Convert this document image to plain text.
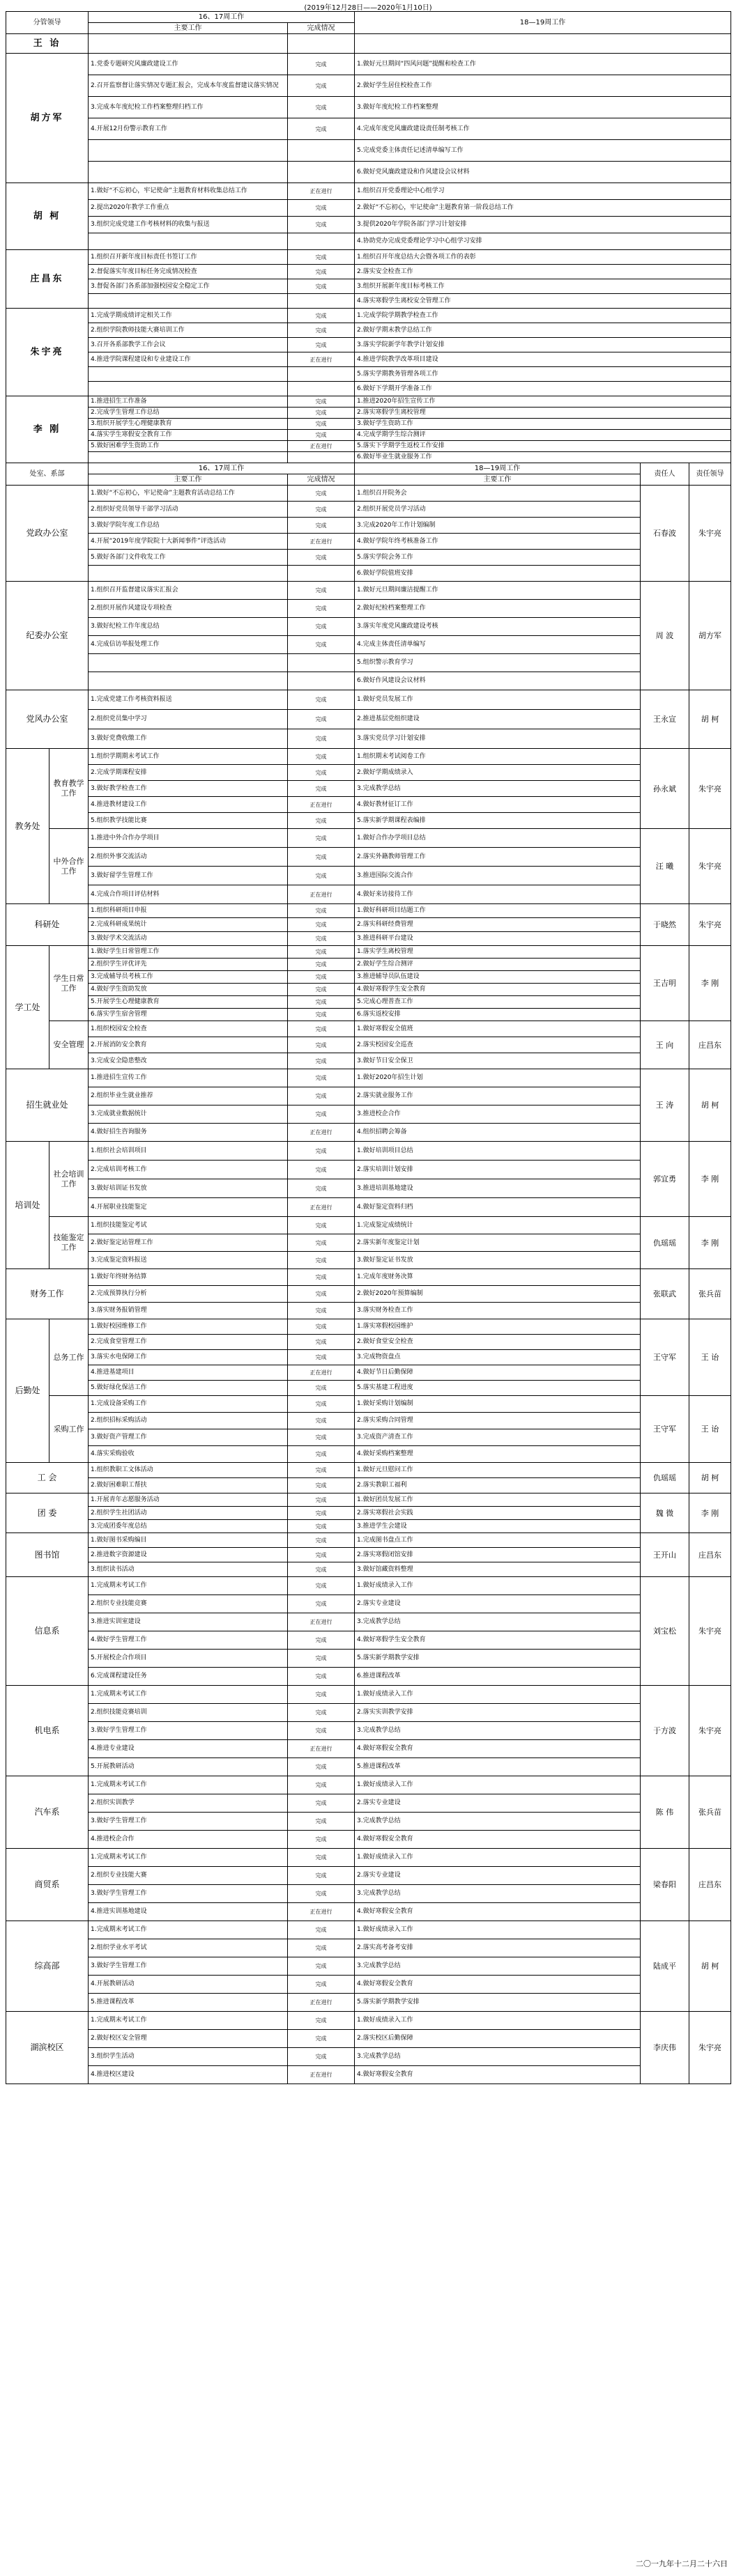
(2019年12月28日——2020年1月10日)
分管领导		16、17周工作		18—19周工作		
		主要工作	完成情况			
王 诒						
胡方军		1.党委专题研究风廉政建设工作	完成	1.做好元旦期间“四风问题”提醒和检查工作		
		2.召开监察督让落实情况专题汇报会，完成本年度监督建议落实情况	完成	2.做好学生居住校检查工作		
		3.完成本年度纪检工作档案整理归档工作	完成	3.做好年度纪检工作档案整理		
		4.开展12月份警示教育工作	完成	4.完成年度党风廉政建设责任制考核工作		
				5.完成党委主体责任记述清单编写工作		
				6.做好党风廉政建设和作风建设会议材料		
胡 柯		1.做好“不忘初心，牢记使命”主题教育材料收集总结工作	正在进行	1.组织召开党委理论中心组学习		
		2.提出2020年教学工作重点	完成	2.做好“不忘初心，牢记使命”主题教育第一阶段总结工作		
		3.组织完成党建工作考核材料的收集与报送	完成	3.提供2020年学院各部门学习计划安排		
				4.协助党办完成党委理论学习中心组学习安排		
庄昌东		1.组织召开新年度目标责任书签订工作	完成	1.组织召开年度总结大会暨各项工作的表彰		
		2.督促落实年度目标任务完成情况检查	完成	2.落实安全检查工作		
		3.督促各部门各系部加强校园安全稳定工作	完成	3.组织开展新年度目标考核工作		
				4.落实寒假学生离校安全管理工作		
朱宇亮		1.完成学期成绩评定相关工作	完成	1.完成学院学期教学检查工作		
		2.组织学院教师技能大赛培训工作	完成	2.做好学期末教学总结工作		
		3.召开各系部教学工作会议	完成	3.落实学院新学年教学计划安排		
		4.推进学院课程建设和专业建设工作	正在进行	4.推进学院教学改革项目建设		
				5.落实学期教务管理各项工作		
				6.做好下学期开学准备工作		
李 刚		1.推进招生工作准备	完成	1.推进2020年招生宣传工作		
		2.完成学生管理工作总结	完成	2.落实寒假学生离校管理		
		3.组织开展学生心理健康教育	完成	3.做好学生资助工作		
		4.落实学生寒假安全教育工作	完成	4.完成学期学生综合测评		
		5.做好困难学生资助工作	正在进行	5.落实下学期学生返校工作安排		
				6.做好毕业生就业服务工作		
处室、系部		16、17周工作		18—19周工作	责任人	责任领导
		主要工作	完成情况	主要工作		
党政办公室		1.做好“不忘初心，牢记使命”主题教育活动总结工作	完成	1.组织召开院务会	石春波	朱宇亮
		2.组织好党员领导干部学习活动	完成	2.组织开展党员学习活动		
		3.做好学院年度工作总结	完成	3.完成2020年工作计划编制		
		4.开展“2019年度学院院十大新闻事件”评选活动	正在进行	4.做好学院年终考核准备工作		
		5.做好各部门文件收发工作	完成	5.落实学院会务工作		
				6.做好学院值班安排		
纪委办公室		1.组织召开监督建议落实汇报会	完成	1.做好元旦期间廉洁提醒工作	周 波	胡方军
		2.组织开展作风建设专项检查	完成	2.做好纪检档案整理工作		
		3.做好纪检工作年度总结	完成	3.落实年度党风廉政建设考核		
		4.完成信访举报处理工作	完成	4.完成主体责任清单编写		
				5.组织警示教育学习		
				6.做好作风建设会议材料		
党风办公室		1.完成党建工作考核资料报送	完成	1.做好党员发展工作	王永宣	胡 柯
		2.组织党员集中学习	完成	2.推进基层党组织建设		
		3.做好党费收缴工作	完成	3.落实党员学习计划安排		
教务处	教育教学工作	1.组织学期期末考试工作	完成	1.组织期末考试阅卷工作	孙永斌	朱宇亮
		2.完成学期课程安排	完成	2.做好学期成绩录入		
		3.做好教学检查工作	完成	3.完成教学总结		
		4.推进教材建设工作	正在进行	4.做好教材征订工作		
		5.组织教学技能比赛	完成	5.落实新学期课程表编排		
	中外合作工作	1.推进中外合作办学项目	完成	1.做好合作办学项目总结	汪 曦	朱宇亮
		2.组织外事交流活动	完成	2.落实外籍教师管理工作		
		3.做好留学生管理工作	完成	3.推进国际交流合作		
		4.完成合作项目评估材料	正在进行	4.做好来访接待工作		
科研处		1.组织科研项目申报	完成	1.做好科研项目结题工作	于晓然	朱宇亮
		2.完成科研成果统计	完成	2.落实科研经费管理		
		3.做好学术交流活动	完成	3.推进科研平台建设		
学工处	学生日常工作	1.做好学生日常管理工作	完成	1.落实学生离校管理	王吉明	李 刚
		2.组织学生评优评先	完成	2.做好学生综合测评		
		3.完成辅导员考核工作	完成	3.推进辅导员队伍建设		
		4.做好学生资助发放	完成	4.做好寒假学生安全教育		
		5.开展学生心理健康教育	完成	5.完成心理普查工作		
		6.落实学生宿舍管理	完成	6.落实返校安排		
	安全管理	1.组织校园安全检查	完成	1.做好寒假安全值班	王 向	庄昌东
		2.开展消防安全教育	完成	2.落实校园安全巡查		
		3.完成安全隐患整改	完成	3.做好节日安全保卫		
招生就业处		1.推进招生宣传工作	完成	1.做好2020年招生计划	王 涛	胡 柯
		2.组织毕业生就业推荐	完成	2.落实就业服务工作		
		3.完成就业数据统计	完成	3.推进校企合作		
		4.做好招生咨询服务	正在进行	4.组织招聘会筹备		
培训处	社会培训工作	1.组织社会培训项目	完成	1.做好培训项目总结	郭宜勇	李 刚
		2.完成培训考核工作	完成	2.落实培训计划安排		
		3.做好培训证书发放	完成	3.推进培训基地建设		
		4.开展职业技能鉴定	正在进行	4.做好鉴定资料归档		
	技能鉴定工作	1.组织技能鉴定考试	完成	1.完成鉴定成绩统计	仇瑶瑶	李 刚
		2.做好鉴定站管理工作	完成	2.落实新年度鉴定计划		
		3.完成鉴定资料报送	完成	3.做好鉴定证书发放		
财务工作		1.做好年终财务结算	完成	1.完成年度财务决算	张联武	张兵苗
		2.完成预算执行分析	完成	2.做好2020年预算编制		
		3.落实财务报销管理	完成	3.落实财务检查工作		
后勤处	总务工作	1.做好校园维修工作	完成	1.落实寒假校园维护	王守军	王 诒
		2.完成食堂管理工作	完成	2.做好食堂安全检查		
		3.落实水电保障工作	完成	3.完成物资盘点		
		4.推进基建项目	正在进行	4.做好节日后勤保障		
		5.做好绿化保洁工作	完成	5.落实基建工程进度		
	采购工作	1.完成设备采购工作	完成	1.做好采购计划编制	王守军	王 诒
		2.组织招标采购活动	完成	2.落实采购合同管理		
		3.做好资产管理工作	完成	3.完成资产清查工作		
		4.落实采购验收	完成	4.做好采购档案整理		
工 会		1.组织教职工文体活动	完成	1.做好元旦慰问工作	仇瑶瑶	胡 柯
		2.做好困难职工帮扶	完成	2.落实教职工福利		
团 委		1.开展青年志愿服务活动	完成	1.做好团员发展工作	魏 微	李 刚
		2.组织学生社团活动	完成	2.落实寒假社会实践		
		3.完成团委年度总结	完成	3.推进学生会建设		
图书馆		1.做好图书采购编目	完成	1.完成图书盘点工作	王开山	庄昌东
		2.推进数字资源建设	完成	2.落实寒假闭馆安排		
		3.组织读书活动	完成	3.做好馆藏资料整理		
信息系		1.完成期末考试工作	完成	1.做好成绩录入工作	刘宝松	朱宇亮
		2.组织专业技能竞赛	完成	2.落实专业建设		
		3.推进实训室建设	正在进行	3.完成教学总结		
		4.做好学生管理工作	完成	4.做好寒假学生安全教育		
		5.开展校企合作项目	完成	5.落实新学期教学安排		
		6.完成课程建设任务	完成	6.推进课程改革		
机电系		1.完成期末考试工作	完成	1.做好成绩录入工作	于方波	朱宇亮
		2.组织技能竞赛培训	完成	2.落实实训教学安排		
		3.做好学生管理工作	完成	3.完成教学总结		
		4.推进专业建设	正在进行	4.做好寒假安全教育		
		5.开展教研活动	完成	5.推进课程改革		
汽车系		1.完成期末考试工作	完成	1.做好成绩录入工作	陈 伟	张兵苗
		2.组织实训教学	完成	2.落实专业建设		
		3.做好学生管理工作	完成	3.完成教学总结		
		4.推进校企合作	完成	4.做好寒假安全教育		
商贸系		1.完成期末考试工作	完成	1.做好成绩录入工作	梁春阳	庄昌东
		2.组织专业技能大赛	完成	2.落实专业建设		
		3.做好学生管理工作	完成	3.完成教学总结		
		4.推进实训基地建设	正在进行	4.做好寒假安全教育		
综高部		1.完成期末考试工作	完成	1.做好成绩录入工作	陆成平	胡 柯
		2.组织学业水平考试	完成	2.落实高考备考安排		
		3.做好学生管理工作	完成	3.完成教学总结		
		4.开展教研活动	完成	4.做好寒假安全教育		
		5.推进课程改革	正在进行	5.落实新学期教学安排		
湖滨校区		1.完成期末考试工作	完成	1.做好成绩录入工作	李庆伟	朱宇亮
		2.做好校区安全管理	完成	2.落实校区后勤保障		
		3.组织学生活动	完成	3.完成教学总结		
		4.推进校区建设	正在进行	4.做好寒假安全教育		
二〇一九年十二月二十六日
